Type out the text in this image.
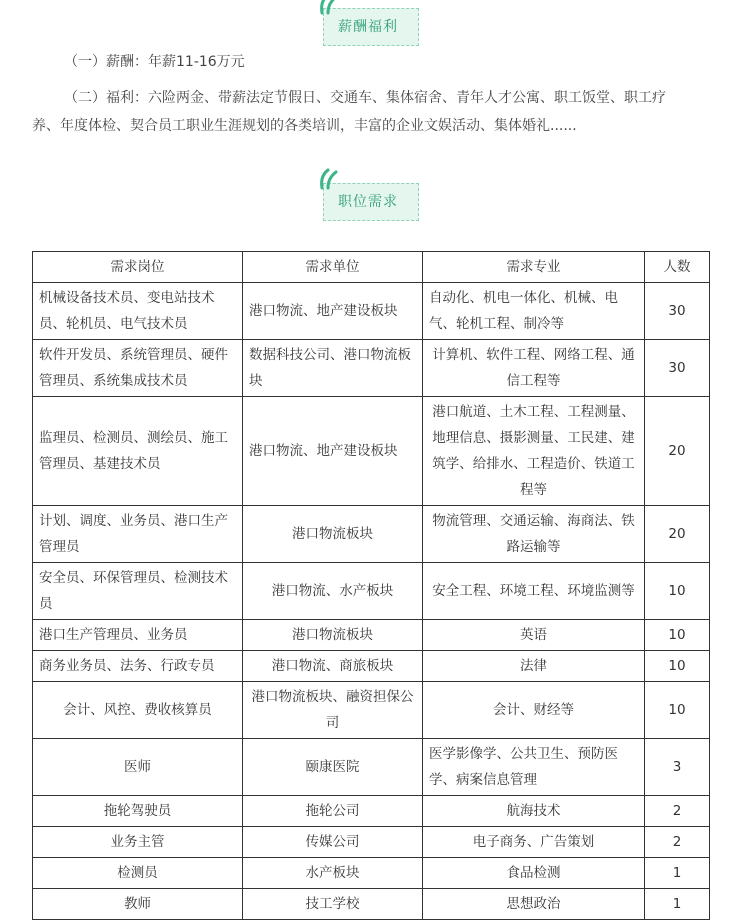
薪酬福利
（一）薪酬：年薪11-16万元
（二）福利：六险两金、带薪法定节假日、交通车、集体宿舍、青年人才公寓、职工饭堂、职工疗
养、年度体检、契合员工职业生涯规划的各类培训，丰富的企业文娱活动、集体婚礼......
职位需求
需求岗位	需求单位	需求专业	人数
机械设备技术员、变电站技术员、轮机员、电气技术员	港口物流、地产建设板块	自动化、机电一体化、机械、电气、轮机工程、制冷等	30
软件开发员、系统管理员、硬件管理员、系统集成技术员	数据科技公司、港口物流板块	计算机、软件工程、网络工程、通信工程等	30
监理员、检测员、测绘员、施工管理员、基建技术员	港口物流、地产建设板块	港口航道、土木工程、工程测量、地理信息、摄影测量、工民建、建筑学、给排水、工程造价、铁道工程等	20
计划、调度、业务员、港口生产管理员	港口物流板块	物流管理、交通运输、海商法、铁路运输等	20
安全员、环保管理员、检测技术员	港口物流、水产板块	安全工程、环境工程、环境监测等	10
港口生产管理员、业务员	港口物流板块	英语	10
商务业务员、法务、行政专员	港口物流、商旅板块	法律	10
会计、风控、费收核算员	港口物流板块、融资担保公司	会计、财经等	10
医师	颐康医院	医学影像学、公共卫生、预防医学、病案信息管理	3
拖轮驾驶员	拖轮公司	航海技术	2
业务主管	传媒公司	电子商务、广告策划	2
检测员	水产板块	食品检测	1
教师	技工学校	思想政治	1
